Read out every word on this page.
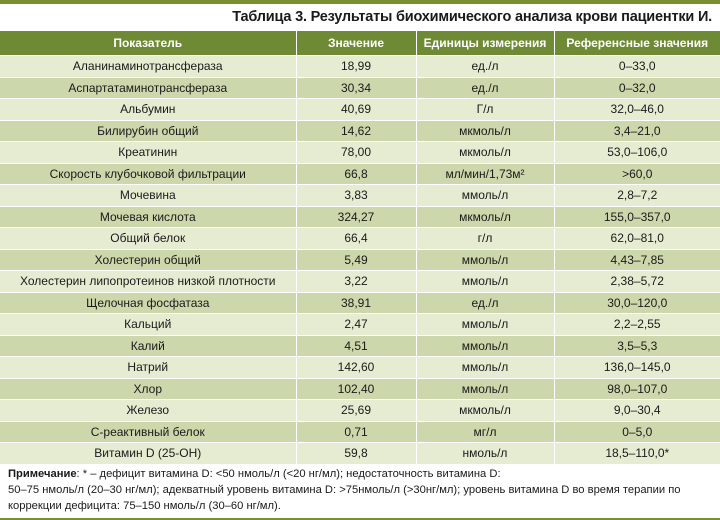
Таблица 3. Результаты биохимического анализа крови пациентки И.
Показатель	Значение	Единицы измерения	Референсные значения
Аланинаминотрансфераза	18,99	ед./л	0–33,0
Аспартатаминотрансфераза	30,34	ед./л	0–32,0
Альбумин	40,69	Г/л	32,0–46,0
Билирубин общий	14,62	мкмоль/л	3,4–21,0
Креатинин	78,00	мкмоль/л	53,0–106,0
Скорость клубочковой фильтрации	66,8	мл/мин/1,73м²	>60,0
Мочевина	3,83	ммоль/л	2,8–7,2
Мочевая кислота	324,27	мкмоль/л	155,0–357,0
Общий белок	66,4	г/л	62,0–81,0
Холестерин общий	5,49	ммоль/л	4,43–7,85
Холестерин липопротеинов низкой плотности	3,22	ммоль/л	2,38–5,72
Щелочная фосфатаза	38,91	ед./л	30,0–120,0
Кальций	2,47	ммоль/л	2,2–2,55
Калий	4,51	ммоль/л	3,5–5,3
Натрий	142,60	ммоль/л	136,0–145,0
Хлор	102,40	ммоль/л	98,0–107,0
Железо	25,69	мкмоль/л	9,0–30,4
С-реактивный белок	0,71	мг/л	0–5,0
Витамин D (25-OH)	59,8	нмоль/л	18,5–110,0*
Примечание: * – дефицит витамина D: <50 нмоль/л (<20 нг/мл); недостаточность витамина D:
50–75 нмоль/л (20–30 нг/мл); адекватный уровень витамина D: >75нмоль/л (>30нг/мл); уровень витамина D во время терапии по
коррекции дефицита: 75–150 нмоль/л (30–60 нг/мл).
